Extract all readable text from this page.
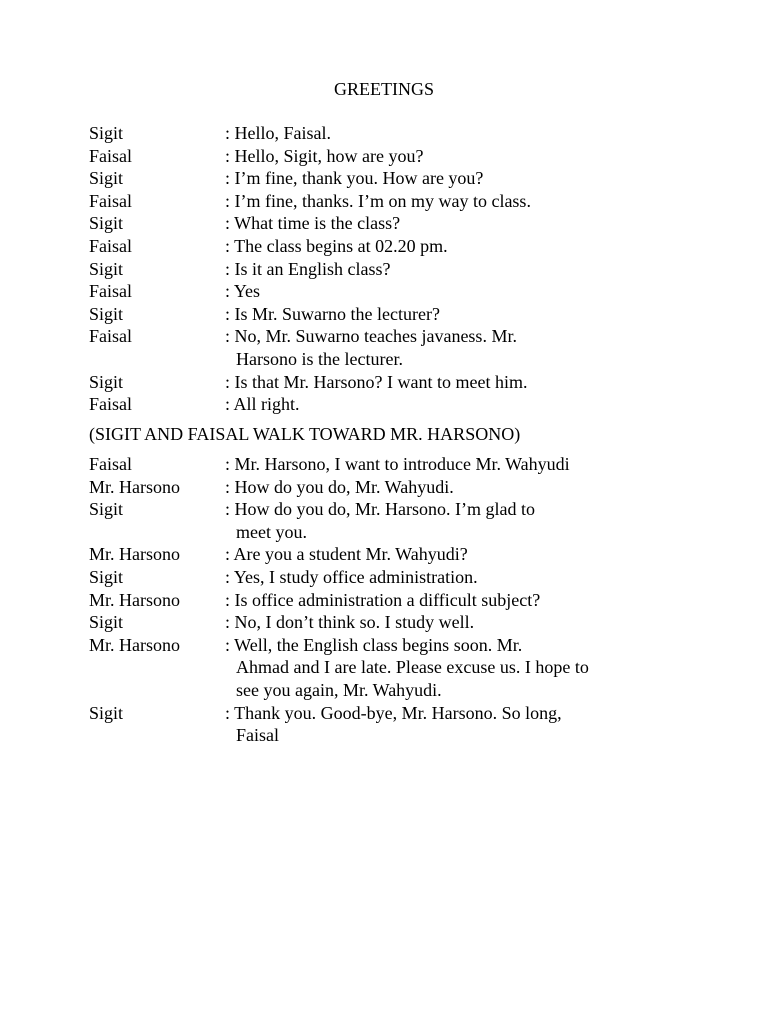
GREETINGS
Sigit	: Hello, Faisal.
Faisal	: Hello, Sigit, how are you?
Sigit	: I’m fine, thank you. How are you?
Faisal	: I’m fine, thanks. I’m on my way to class.
Sigit	: What time is the class?
Faisal	: The class begins at 02.20 pm.
Sigit	: Is it an English class?
Faisal	: Yes
Sigit	: Is Mr. Suwarno the lecturer?
Faisal	: No, Mr. Suwarno teaches javaness. Mr.
Harsono is the lecturer.
Sigit	: Is that Mr. Harsono? I want to meet him.
Faisal	: All right.
(SIGIT AND FAISAL WALK TOWARD MR. HARSONO)
Faisal	: Mr. Harsono, I want to introduce Mr. Wahyudi
Mr. Harsono	: How do you do, Mr. Wahyudi.
Sigit	: How do you do, Mr. Harsono. I’m glad to
meet you.
Mr. Harsono	: Are you a student Mr. Wahyudi?
Sigit	: Yes, I study office administration.
Mr. Harsono	: Is office administration a difficult subject?
Sigit	: No, I don’t think so. I study well.
Mr. Harsono	: Well, the English class begins soon. Mr.
Ahmad and I are late. Please excuse us. I hope to
see you again, Mr. Wahyudi.
Sigit	: Thank you. Good-bye, Mr. Harsono. So long,
Faisal
